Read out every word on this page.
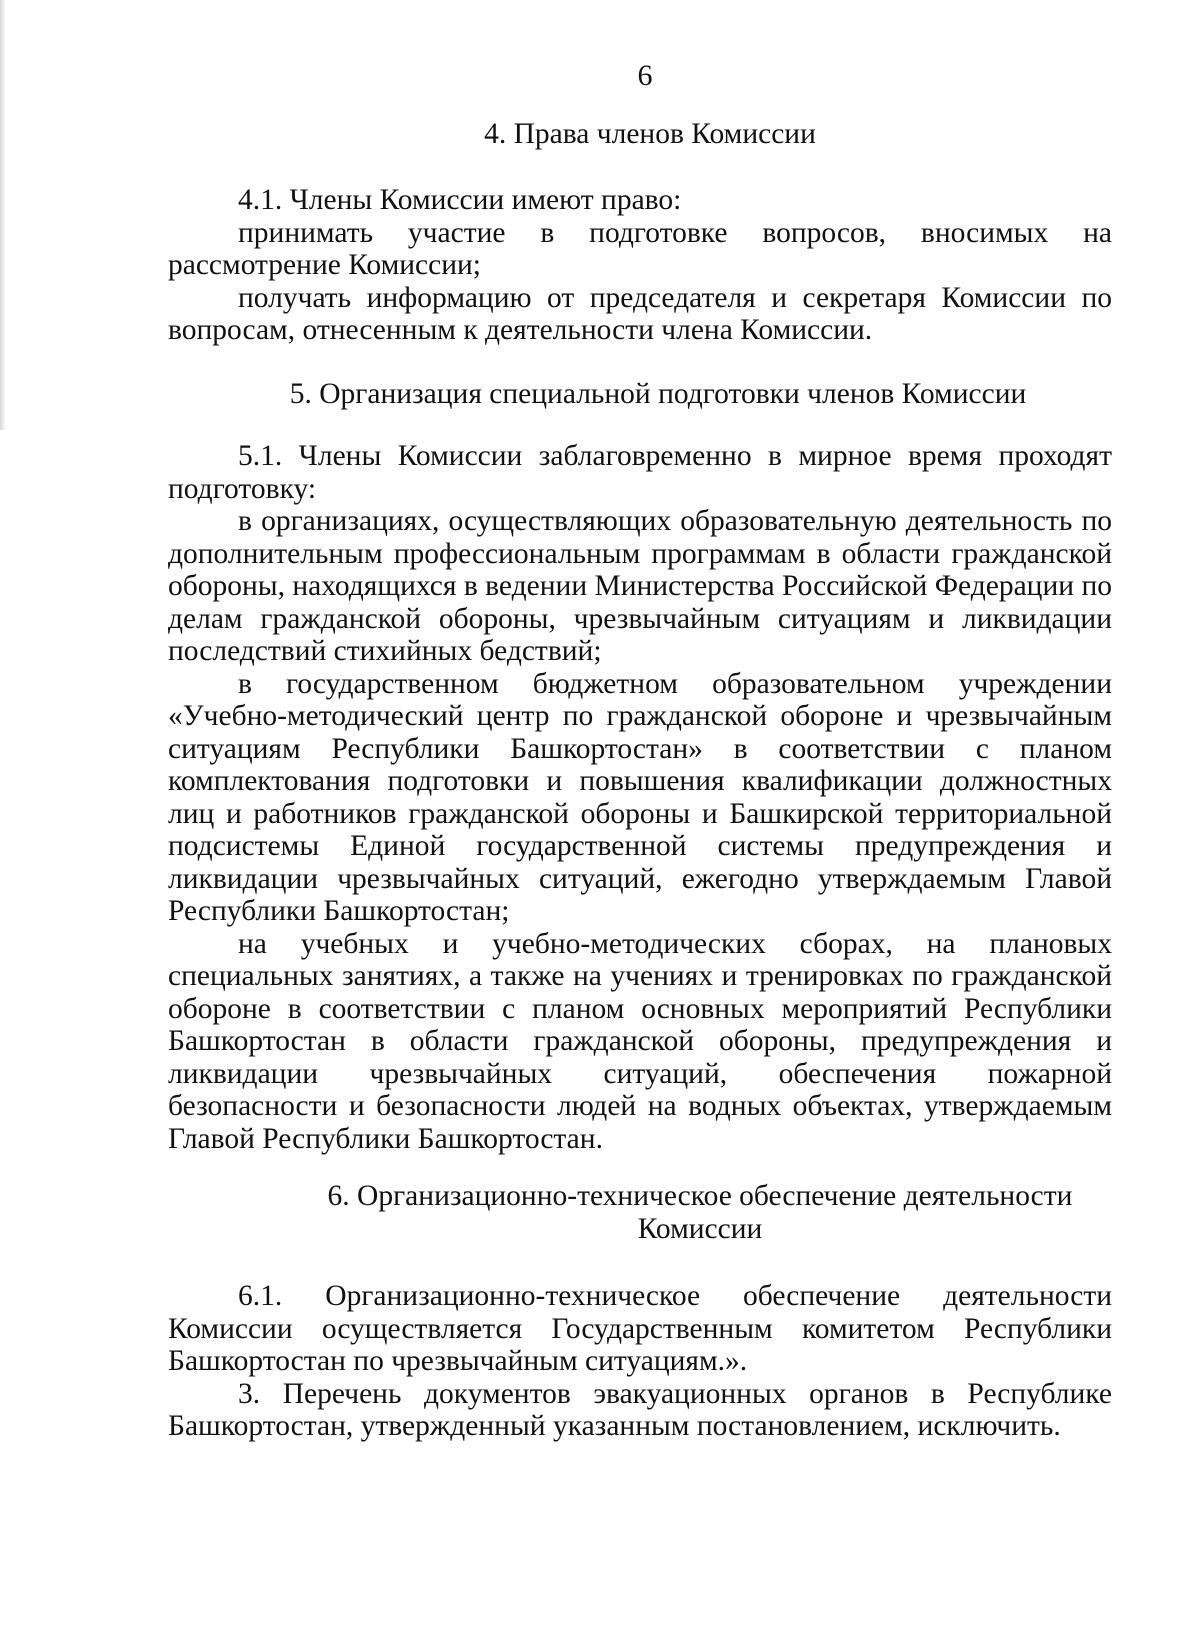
6
4. Права членов Комиссии

4.1. Члены Комиссии имеют право:

принимать участие в подготовке вопросов, вносимых на рассмотрение Комиссии;

получать информацию от председателя и секретаря Комиссии по вопросам, отнесенным к деятельности члена Комиссии.

5. Организация специальной подготовки членов Комиссии

5.1. Члены Комиссии заблаговременно в мирное время проходят подготовку:

в организациях, осуществляющих образовательную деятельность по дополнительным профессиональным программам в области гражданской обороны, находящихся в ведении Министерства Российской Федерации по делам гражданской обороны, чрезвычайным ситуациям и ликвидации последствий стихийных бедствий;

в государственном бюджетном образовательном учреждении «Учебно-методический центр по гражданской обороне и чрезвычайным ситуациям Республики Башкортостан» в соответствии с планом комплектования подготовки и повышения квалификации должностных лиц и работников гражданской обороны и Башкирской территориальной подсистемы Единой государственной системы предупреждения и ликвидации чрезвычайных ситуаций, ежегодно утверждаемым Главой Республики Башкортостан;

на учебных и учебно-методических сборах, на плановых специальных занятиях, а также на учениях и тренировках по гражданской обороне в соответствии с планом основных мероприятий Республики Башкортостан в области гражданской обороны, предупреждения и ликвидации чрезвычайных ситуаций, обеспечения пожарной безопасности и безопасности людей на водных объектах, утверждаемым Главой Республики Башкортостан.

6. Организационно-техническое обеспечение деятельности
Комиссии

6.1. Организационно-техническое обеспечение деятельности Комиссии осуществляется Государственным комитетом Республики Башкортостан по чрезвычайным ситуациям.».

3. Перечень документов эвакуационных органов в Республике Башкортостан, утвержденный указанным постановлением, исключить.
